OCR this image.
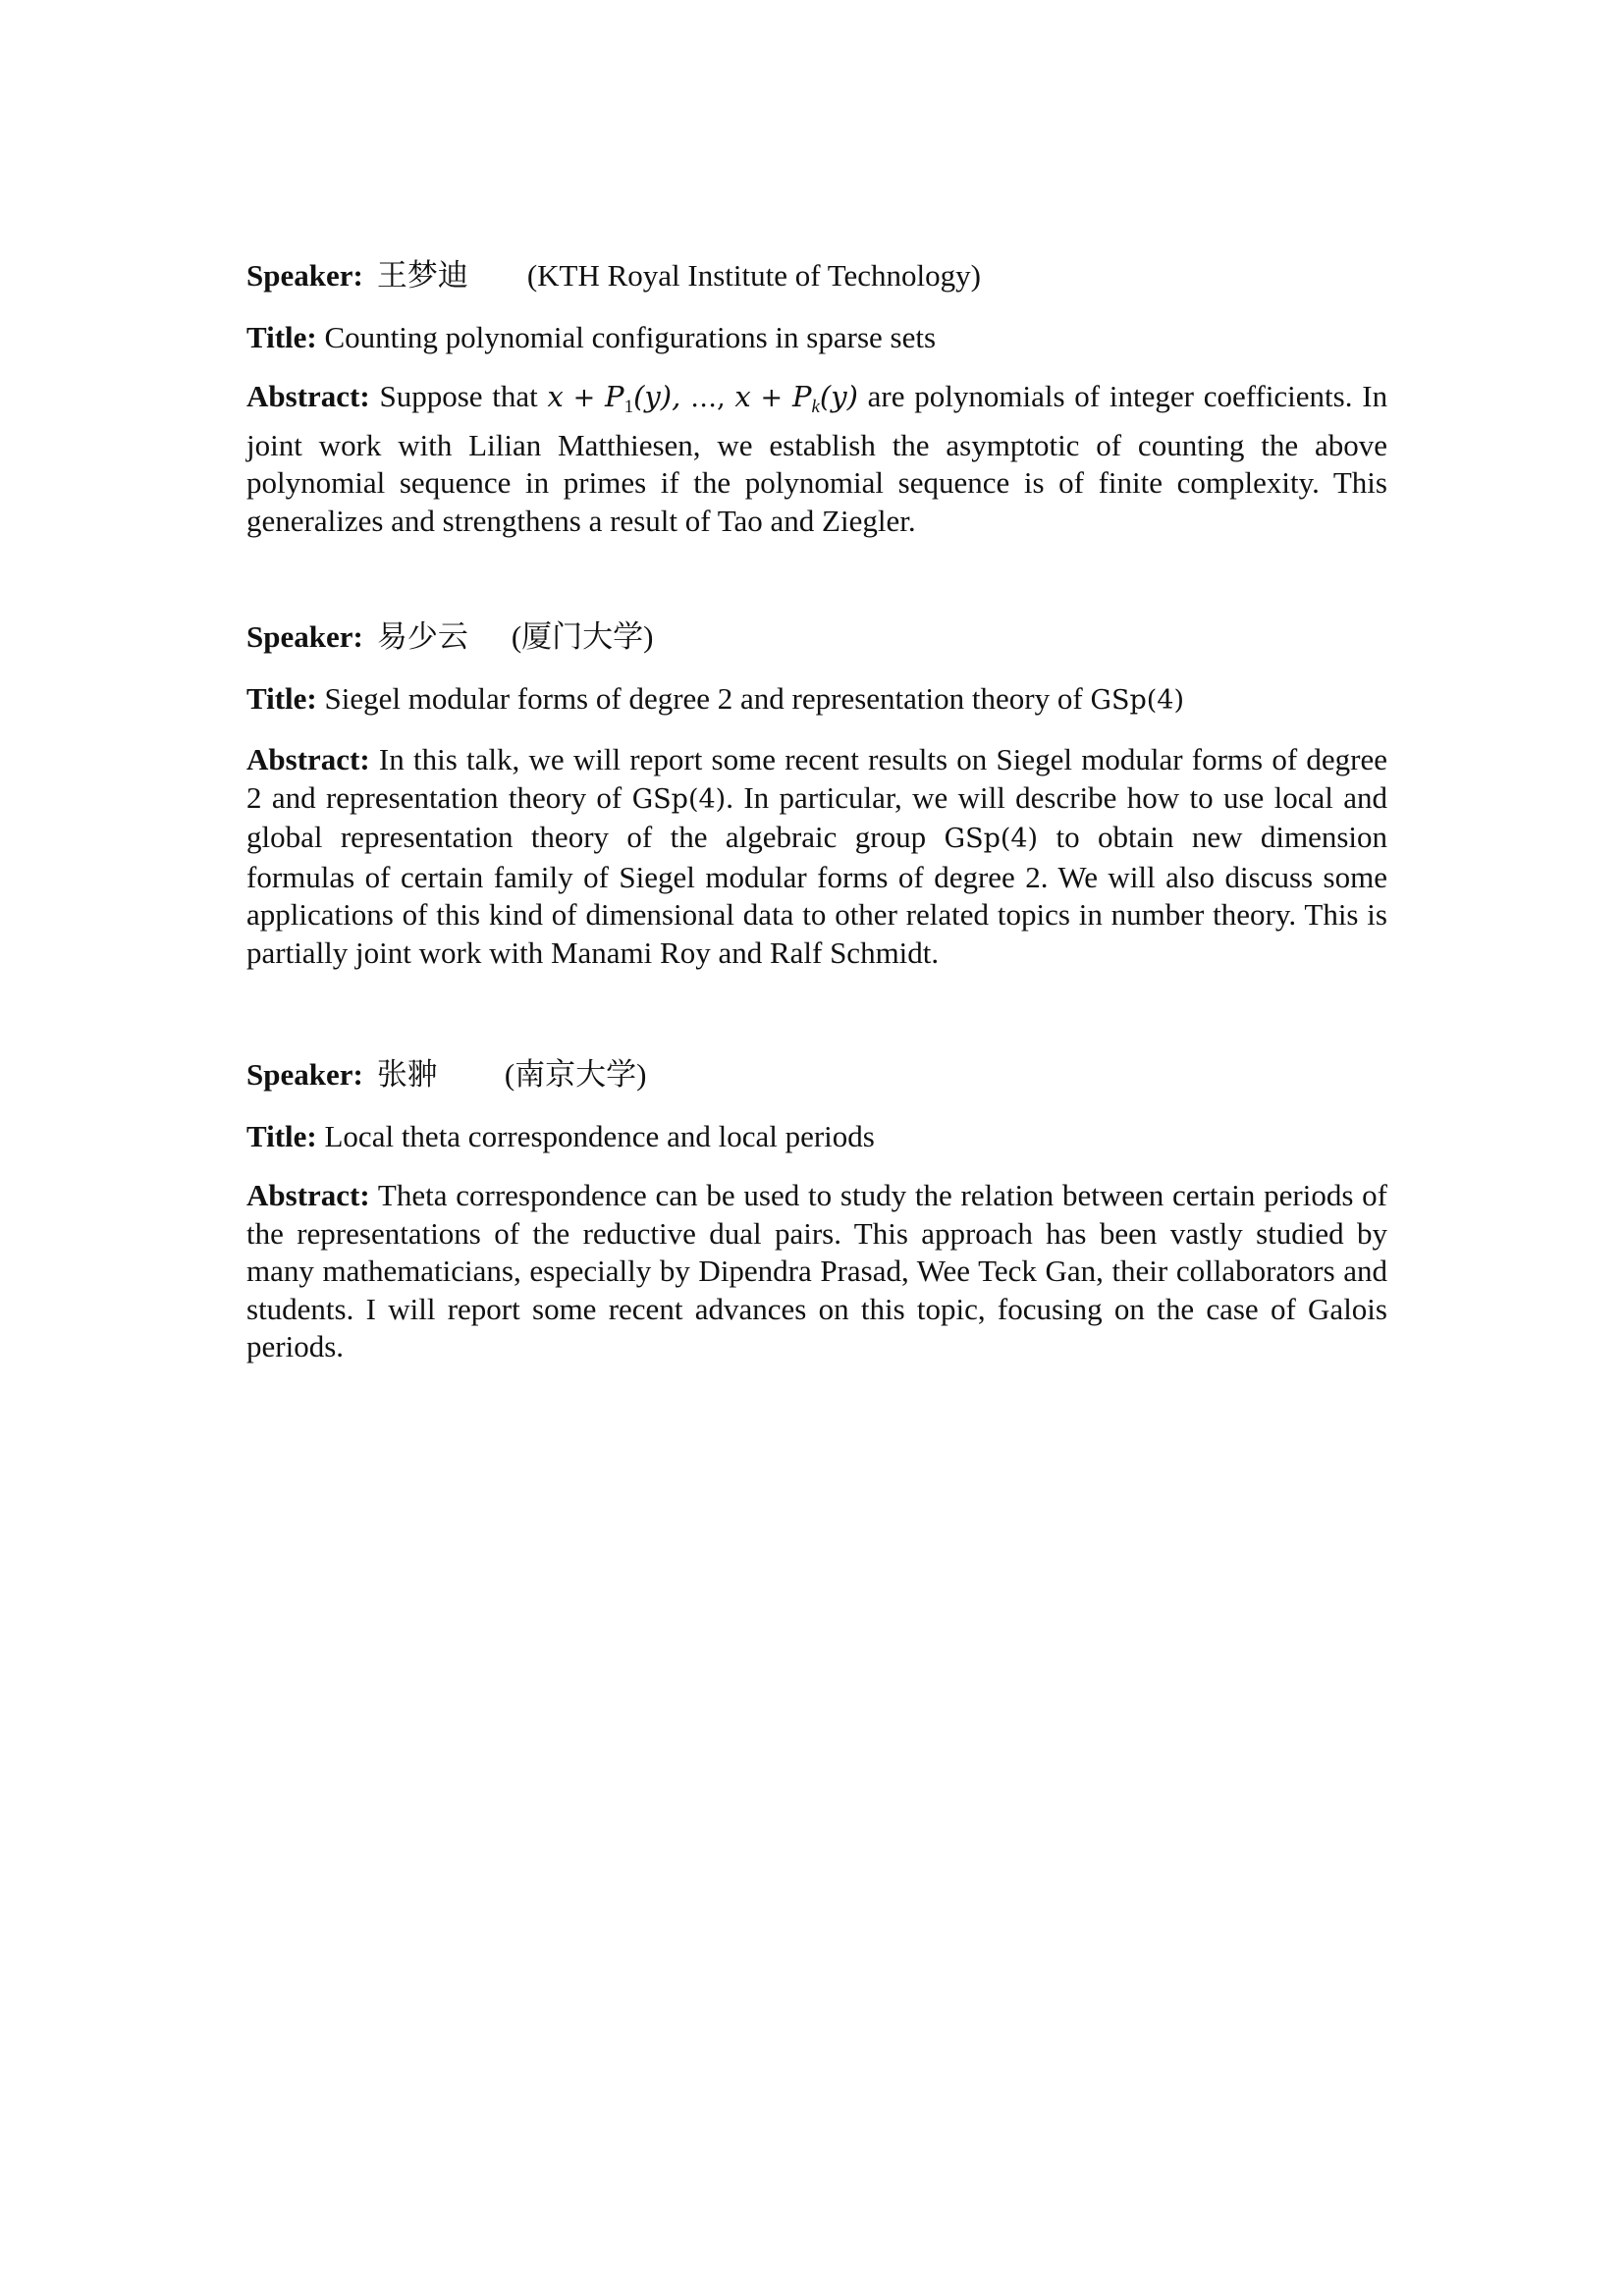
Speaker: 王梦迪 (KTH Royal Institute of Technology)
Title: Counting polynomial configurations in sparse sets
Abstract: Suppose that $x + P_1(y)$, …, $x + P_k(y)$ are polynomials of integer coefficients. In joint work with Lilian Matthiesen, we establish the asymptotic of counting the above polynomial sequence in primes if the polynomial sequence is of finite complexity. This generalizes and strengthens a result of Tao and Ziegler.
Speaker: 易少云 (厦门大学)
Title: Siegel modular forms of degree 2 and representation theory of GSp(4)
Abstract: In this talk, we will report some recent results on Siegel modular forms of degree 2 and representation theory of GSp(4). In particular, we will describe how to use local and global representation theory of the algebraic group GSp(4) to obtain new dimension formulas of certain family of Siegel modular forms of degree 2. We will also discuss some applications of this kind of dimensional data to other related topics in number theory. This is partially joint work with Manami Roy and Ralf Schmidt.
Speaker: 张翀 (南京大学)
Title: Local theta correspondence and local periods
Abstract: Theta correspondence can be used to study the relation between certain periods of the representations of the reductive dual pairs. This approach has been vastly studied by many mathematicians, especially by Dipendra Prasad, Wee Teck Gan, their collaborators and students. I will report some recent advances on this topic, focusing on the case of Galois periods.
